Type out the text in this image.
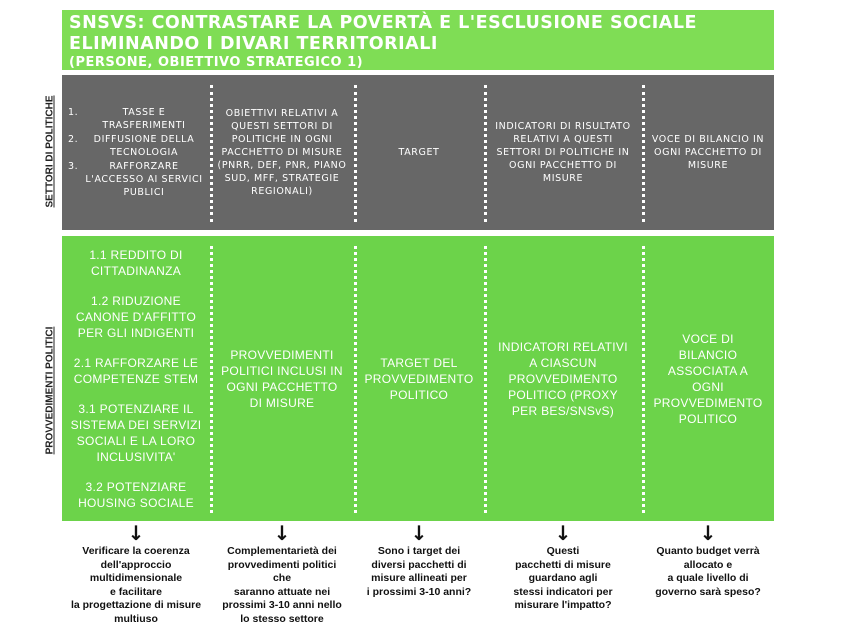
SNSVS: CONTRASTARE LA POVERTÀ E L'ESCLUSIONE SOCIALE
ELIMINANDO I DIVARI TERRITORIALI
(PERSONE, OBIETTIVO STRATEGICO 1)
SETTORI DI POLITICHE
PROVVEDIMENTI POLITICI
1.	TASSE E TRASFERIMENTI
2. DIFFUSIONE DELLA TECNOLOGIA
3.	RAFFORZARE L'ACCESSO AI SERVICI PUBLICI
OBIETTIVI RELATIVI A QUESTI SETTORI DI POLITICHE IN OGNI PACCHETTO DI MISURE (PNRR, DEF, PNR, PIANO SUD, MFF, STRATEGIE REGIONALI)
TARGET
INDICATORI DI RISULTATO RELATIVI A QUESTI SETTORI DI POLITICHE IN OGNI PACCHETTO DI MISURE
VOCE DI BILANCIO IN OGNI PACCHETTO DI MISURE
1.1 REDDITO DI CITTADINANZA
1.2 RIDUZIONE CANONE D'AFFITTO PER GLI INDIGENTI
2.1 RAFFORZARE LE COMPETENZE STEM
3.1 POTENZIARE IL SISTEMA DEI SERVIZI SOCIALI E LA LORO INCLUSIVITA'
3.2 POTENZIARE HOUSING SOCIALE
PROVVEDIMENTI POLITICI INCLUSI IN OGNI PACCHETTO DI MISURE
TARGET DEL PROVVEDIMENTO POLITICO
INDICATORI RELATIVI A CIASCUN PROVVEDIMENTO POLITICO (PROXY PER BES/SNSvS)
VOCE DI BILANCIO ASSOCIATA A OGNI PROVVEDIMENTO POLITICO
↓
Verificare la coerenza
dell'approccio
multidimensionale
e facilitare
la progettazione di misure
multiuso
↓
Complementarietà dei
provvedimenti politici
che
saranno attuate nei
prossimi 3-10 anni nello
lo stesso settore
↓
Sono i target dei
diversi pacchetti di
misure allineati per
i prossimi 3-10 anni?
↓
Questi
pacchetti di misure
guardano agli
stessi indicatori per
misurare l'impatto?
↓
Quanto budget verrà
allocato e
a quale livello di
governo sarà speso?
